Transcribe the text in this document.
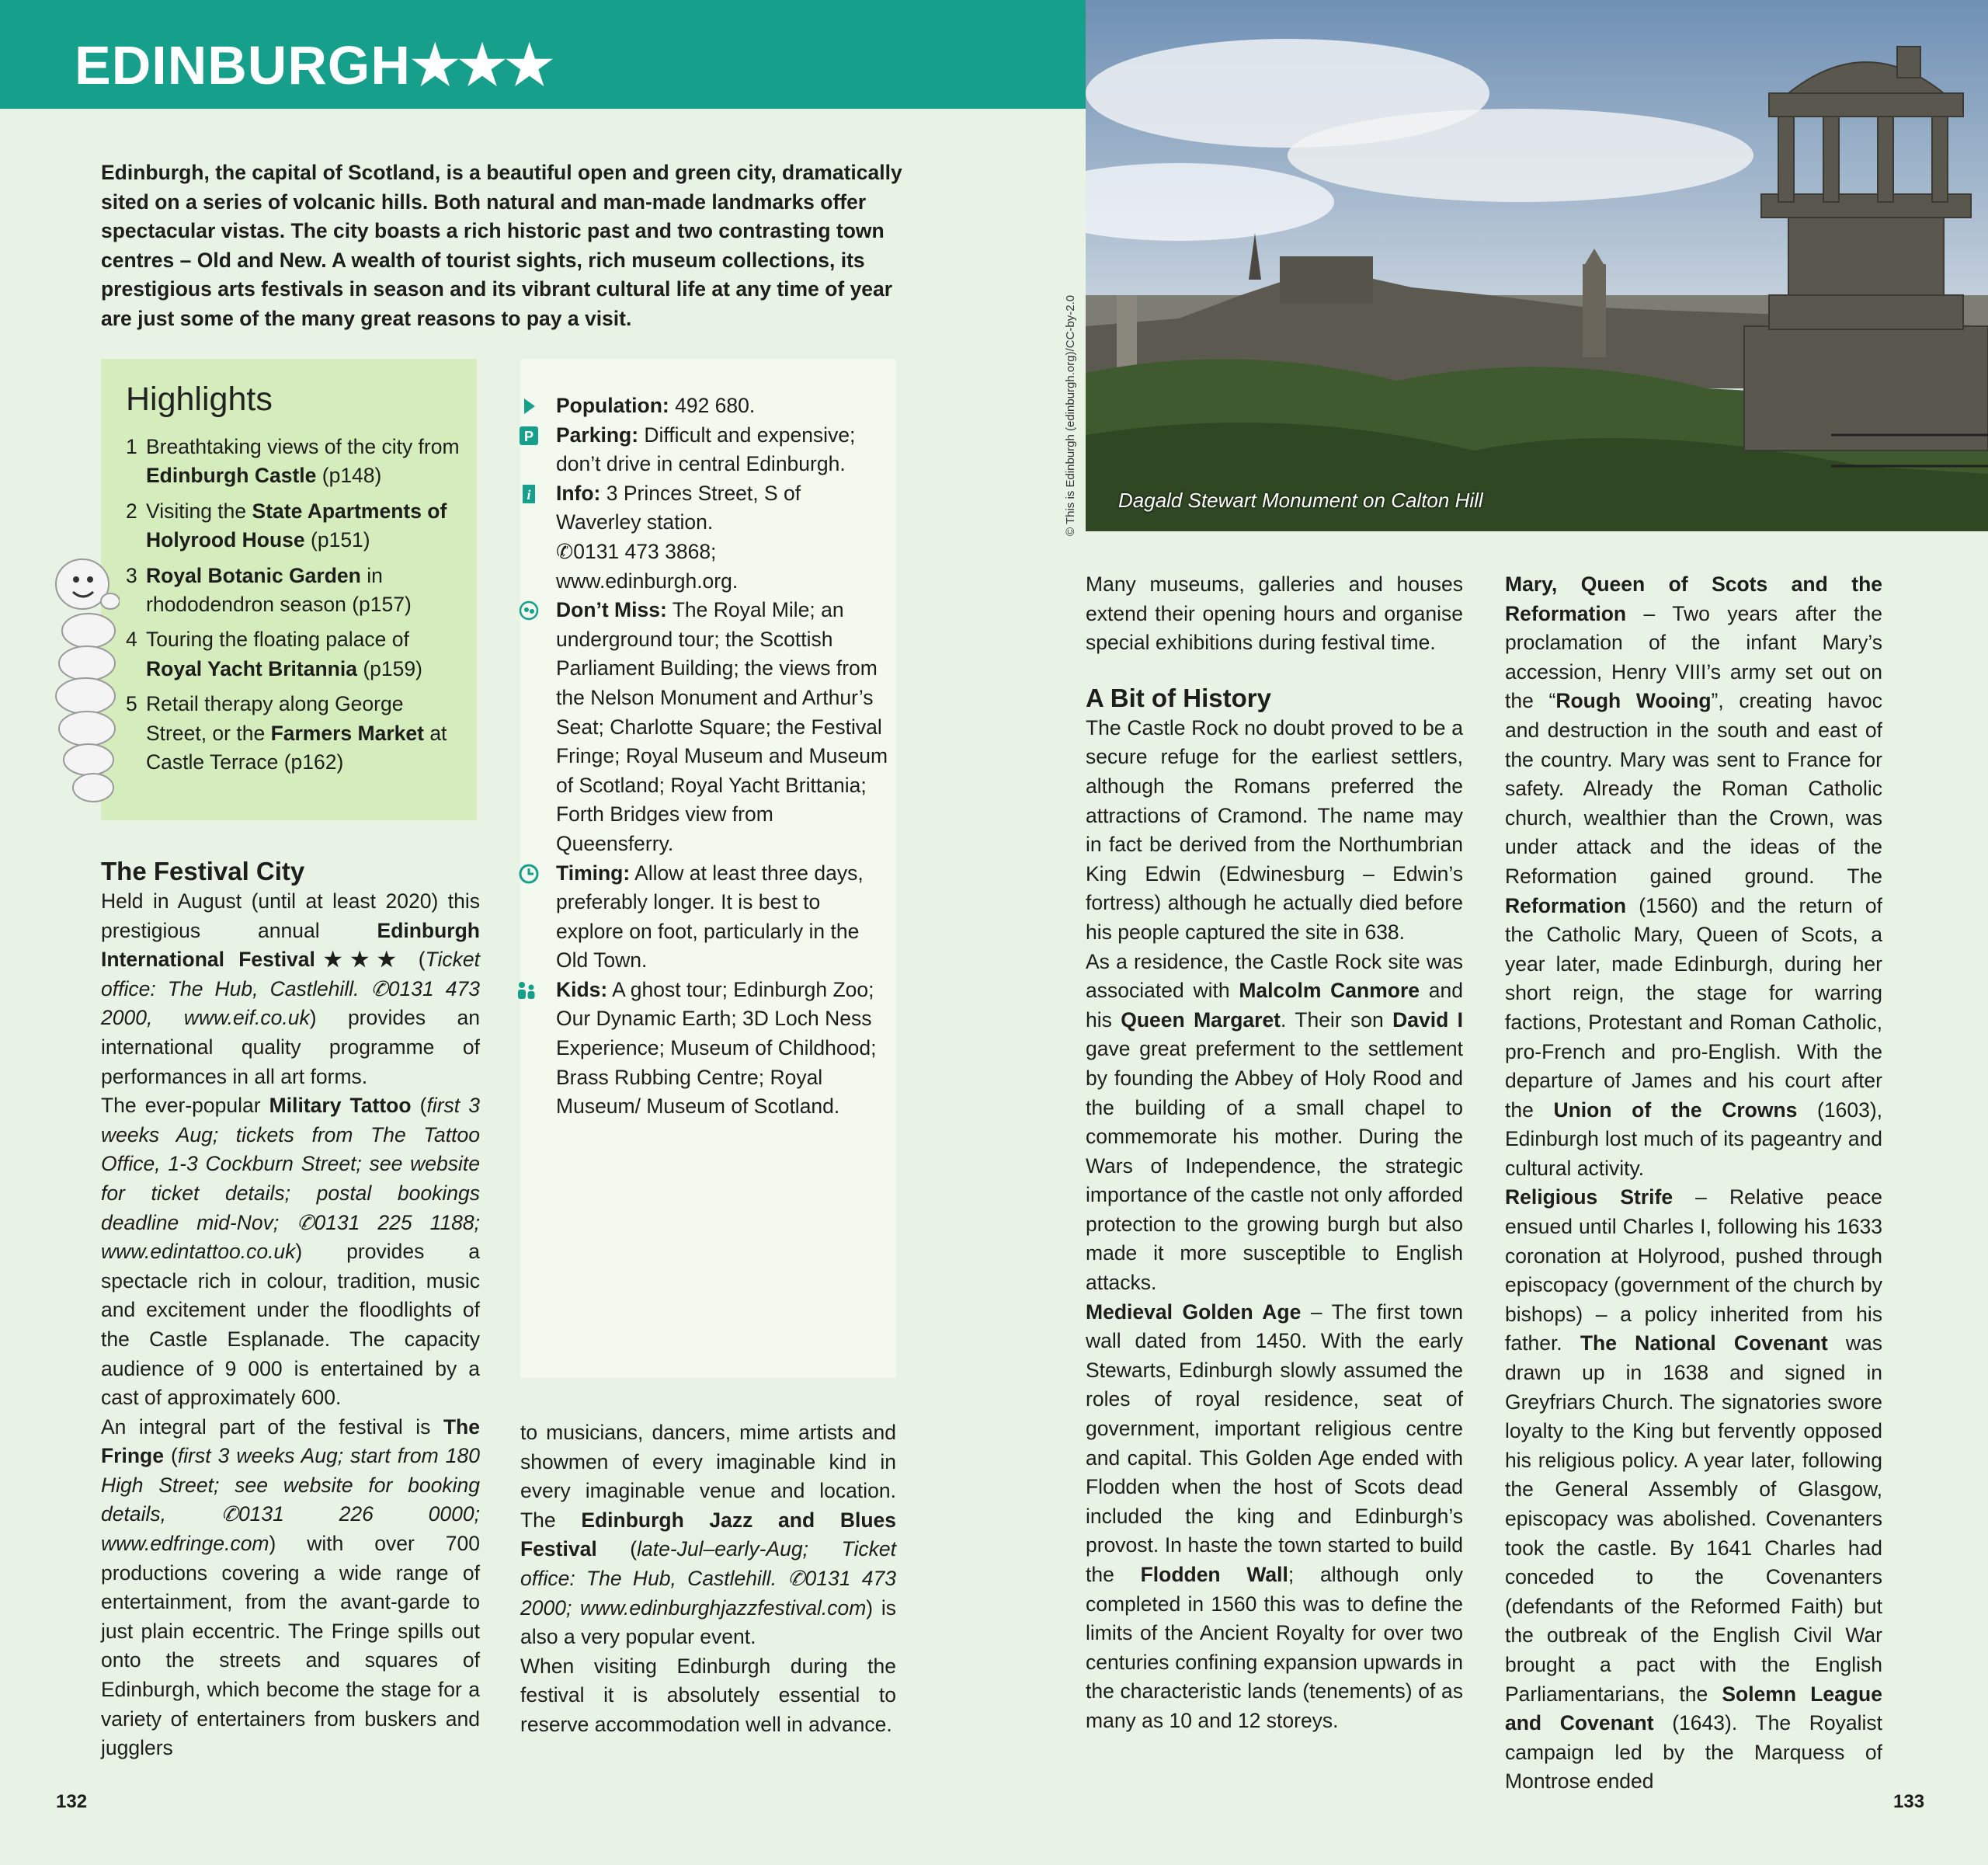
EDINBURGH★★★

Edinburgh, the capital of Scotland, is a beautiful open and green city, dramatically sited on a series of volcanic hills. Both natural and man-made landmarks offer spectacular vistas. The city boasts a rich historic past and two contrasting town centres – Old and New. A wealth of tourist sights, rich museum collections, its prestigious arts festivals in season and its vibrant cultural life at any time of year are just some of the many great reasons to pay a visit.

Highlights
1 Breathtaking views of the city from Edinburgh Castle (p148)
2 Visiting the State Apartments of Holyrood House (p151)
3 Royal Botanic Garden in rhododendron season (p157)
4 Touring the floating palace of Royal Yacht Britannia (p159)
5 Retail therapy along George Street, or the Farmers Market at Castle Terrace (p162)
Population: 492 680.
P Parking: Difficult and expensive; don’t drive in central Edinburgh.
i Info: 3 Princes Street, S of Waverley station.
✆0131 473 3868;
www.edinburgh.org.
Don’t Miss: The Royal Mile; an underground tour; the Scottish Parliament Building; the views from the Nelson Monument and Arthur’s Seat; Charlotte Square; the Festival Fringe; Royal Museum and Museum of Scotland; Royal Yacht Brittania; Forth Bridges view from Queensferry.
Timing: Allow at least three days, preferably longer. It is best to explore on foot, particularly in the Old Town.
Kids: A ghost tour; Edinburgh Zoo; Our Dynamic Earth; 3D Loch Ness Experience; Museum of Childhood; Brass Rubbing Centre; Royal Museum/ Museum of Scotland.
The Festival City

Held in August (until at least 2020) this prestigious annual Edinburgh International Festival★★★ (Ticket office: The Hub, Castlehill. ✆0131 473 2000, www.eif.co.uk) provides an international quality programme of performances in all art forms.

The ever-popular Military Tattoo (first 3 weeks Aug; tickets from The Tattoo Office, 1-3 Cockburn Street; see website for ticket details; postal bookings deadline mid-Nov; ✆0131 225 1188; www.edintattoo.co.uk) provides a spectacle rich in colour, tradition, music and excitement under the floodlights of the Castle Esplanade. The capacity audience of 9 000 is entertained by a cast of approximately 600.

An integral part of the festival is The Fringe (first 3 weeks Aug; start from 180 High Street; see website for booking details, ✆0131 226 0000; www.edfringe.com) with over 700 productions covering a wide range of entertainment, from the avant-garde to just plain eccentric. The Fringe spills out onto the streets and squares of Edinburgh, which become the stage for a variety of entertainers from buskers and jugglers

to musicians, dancers, mime artists and showmen of every imaginable kind in every imaginable venue and location. The Edinburgh Jazz and Blues Festival (late-Jul–early-Aug; Ticket office: The Hub, Castlehill. ✆0131 473 2000; www.edinburghjazzfestival.com) is also a very popular event.

When visiting Edinburgh during the festival it is absolutely essential to reserve accommodation well in advance.

Dagald Stewart Monument on Calton Hill
© This is Edinburgh (edinburgh.org)/CC-by-2.0

Many museums, galleries and houses extend their opening hours and organise special exhibitions during festival time.

A Bit of History

The Castle Rock no doubt proved to be a secure refuge for the earliest settlers, although the Romans preferred the attractions of Cramond. The name may in fact be derived from the Northumbrian King Edwin (Edwinesburg – Edwin’s fortress) although he actually died before his people captured the site in 638.

As a residence, the Castle Rock site was associated with Malcolm Canmore and his Queen Margaret. Their son David I gave great preferment to the settlement by founding the Abbey of Holy Rood and the building of a small chapel to commemorate his mother. During the Wars of Independence, the strategic importance of the castle not only afforded protection to the growing burgh but also made it more susceptible to English attacks.

Medieval Golden Age – The first town wall dated from 1450. With the early Stewarts, Edinburgh slowly assumed the roles of royal residence, seat of government, important religious centre and capital. This Golden Age ended with Flodden when the host of Scots dead included the king and Edinburgh’s provost. In haste the town started to build the Flodden Wall; although only completed in 1560 this was to define the limits of the Ancient Royalty for over two centuries confining expansion upwards in the characteristic lands (tenements) of as many as 10 and 12 storeys.

Mary, Queen of Scots and the Reformation – Two years after the proclamation of the infant Mary’s accession, Henry VIII’s army set out on the “Rough Wooing”, creating havoc and destruction in the south and east of the country. Mary was sent to France for safety. Already the Roman Catholic church, wealthier than the Crown, was under attack and the ideas of the Reformation gained ground. The Reformation (1560) and the return of the Catholic Mary, Queen of Scots, a year later, made Edinburgh, during her short reign, the stage for warring factions, Protestant and Roman Catholic, pro-French and pro-English. With the departure of James and his court after the Union of the Crowns (1603), Edinburgh lost much of its pageantry and cultural activity.

Religious Strife – Relative peace ensued until Charles I, following his 1633 coronation at Holyrood, pushed through episcopacy (government of the church by bishops) – a policy inherited from his father. The National Covenant was drawn up in 1638 and signed in Greyfriars Church. The signatories swore loyalty to the King but fervently opposed his religious policy. A year later, following the General Assembly of Glasgow, episcopacy was abolished. Covenanters took the castle. By 1641 Charles had conceded to the Covenanters (defendants of the Reformed Faith) but the outbreak of the English Civil War brought a pact with the English Parliamentarians, the Solemn League and Covenant (1643). The Royalist campaign led by the Marquess of Montrose ended

132	133
